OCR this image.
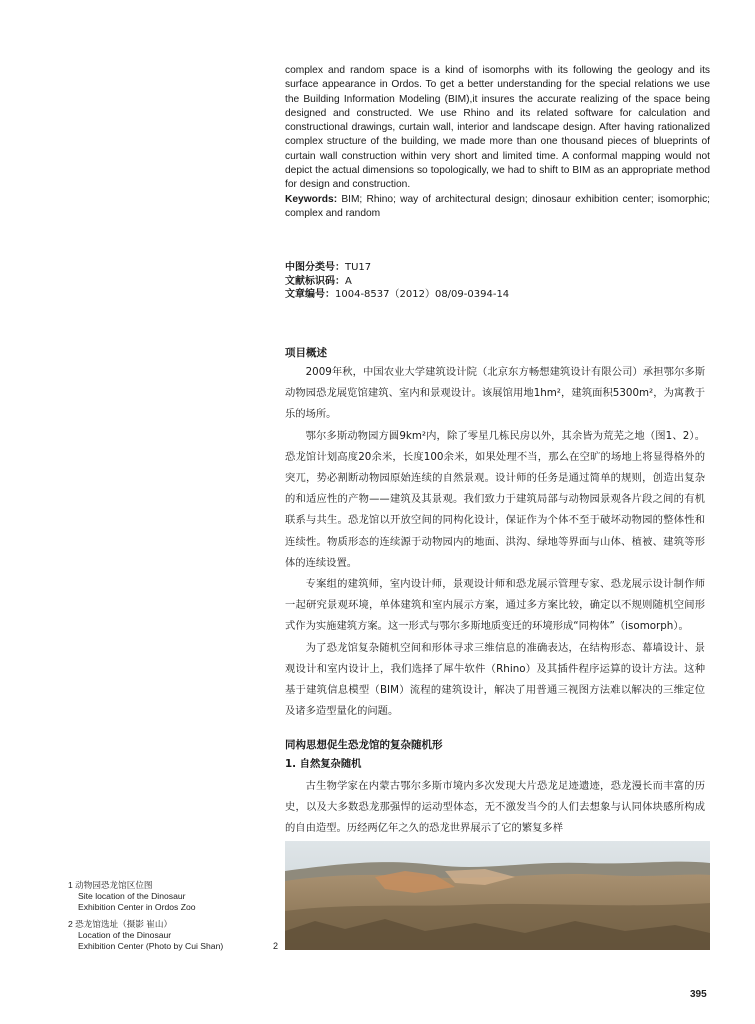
complex and random space is a kind of isomorphs with its following the geology and its surface appearance in Ordos. To get a better understanding for the special relations we use the Building Information Modeling (BIM),it insures the accurate realizing of the space being designed and constructed. We use Rhino and its related software for calculation and constructional drawings, curtain wall, interior and landscape design. After having rationalized complex structure of the building, we made more than one thousand pieces of blueprints of curtain wall construction within very short and limited time. A conformal mapping would not depict the actual dimensions so topologically, we had to shift to BIM as an appropriate method for design and construction.

Keywords: BIM; Rhino; way of architectural design; dinosaur exhibition center; isomorphic; complex and random

中图分类号：TU17
文献标识码：A
文章编号：1004-8537（2012）08/09-0394-14
项目概述

2009年秋，中国农业大学建筑设计院（北京东方畅想建筑设计有限公司）承担鄂尔多斯动物园恐龙展览馆建筑、室内和景观设计。该展馆用地1hm²，建筑面积5300m²，为寓教于乐的场所。

鄂尔多斯动物园方圆9km²内，除了零星几栋民房以外，其余皆为荒芜之地（图1、2）。恐龙馆计划高度20余米，长度100余米，如果处理不当，那么在空旷的场地上将显得格外的突兀，势必割断动物园原始连续的自然景观。设计师的任务是通过简单的规则，创造出复杂的和适应性的产物——建筑及其景观。我们致力于建筑局部与动物园景观各片段之间的有机联系与共生。恐龙馆以开放空间的同构化设计，保证作为个体不至于破坏动物园的整体性和连续性。物质形态的连续源于动物园内的地面、洪沟、绿地等界面与山体、植被、建筑等形体的连续设置。

专案组的建筑师，室内设计师，景观设计师和恐龙展示管理专家、恐龙展示设计制作师一起研究景观环境，单体建筑和室内展示方案，通过多方案比较，确定以不规则随机空间形式作为实施建筑方案。这一形式与鄂尔多斯地质变迁的环境形成“同构体”（isomorph）。

为了恐龙馆复杂随机空间和形体寻求三维信息的准确表达，在结构形态、幕墙设计、景观设计和室内设计上，我们选择了犀牛软件（Rhino）及其插件程序运算的设计方法。这种基于建筑信息模型（BIM）流程的建筑设计，解决了用普通三视图方法难以解决的三维定位及诸多造型量化的问题。

同构思想促生恐龙馆的复杂随机形

1. 自然复杂随机

古生物学家在内蒙古鄂尔多斯市境内多次发现大片恐龙足迹遗迹，恐龙漫长而丰富的历史，以及大多数恐龙那强悍的运动型体态，无不激发当今的人们去想象与认同体块感所构成的自由造型。历经两亿年之久的恐龙世界展示了它的繁复多样

2
1 动物园恐龙馆区位图
Site location of the Dinosaur
Exhibition Center in Ordos Zoo
2 恐龙馆选址（摄影 崔山）
Location of the Dinosaur
Exhibition Center (Photo by Cui Shan)
395
